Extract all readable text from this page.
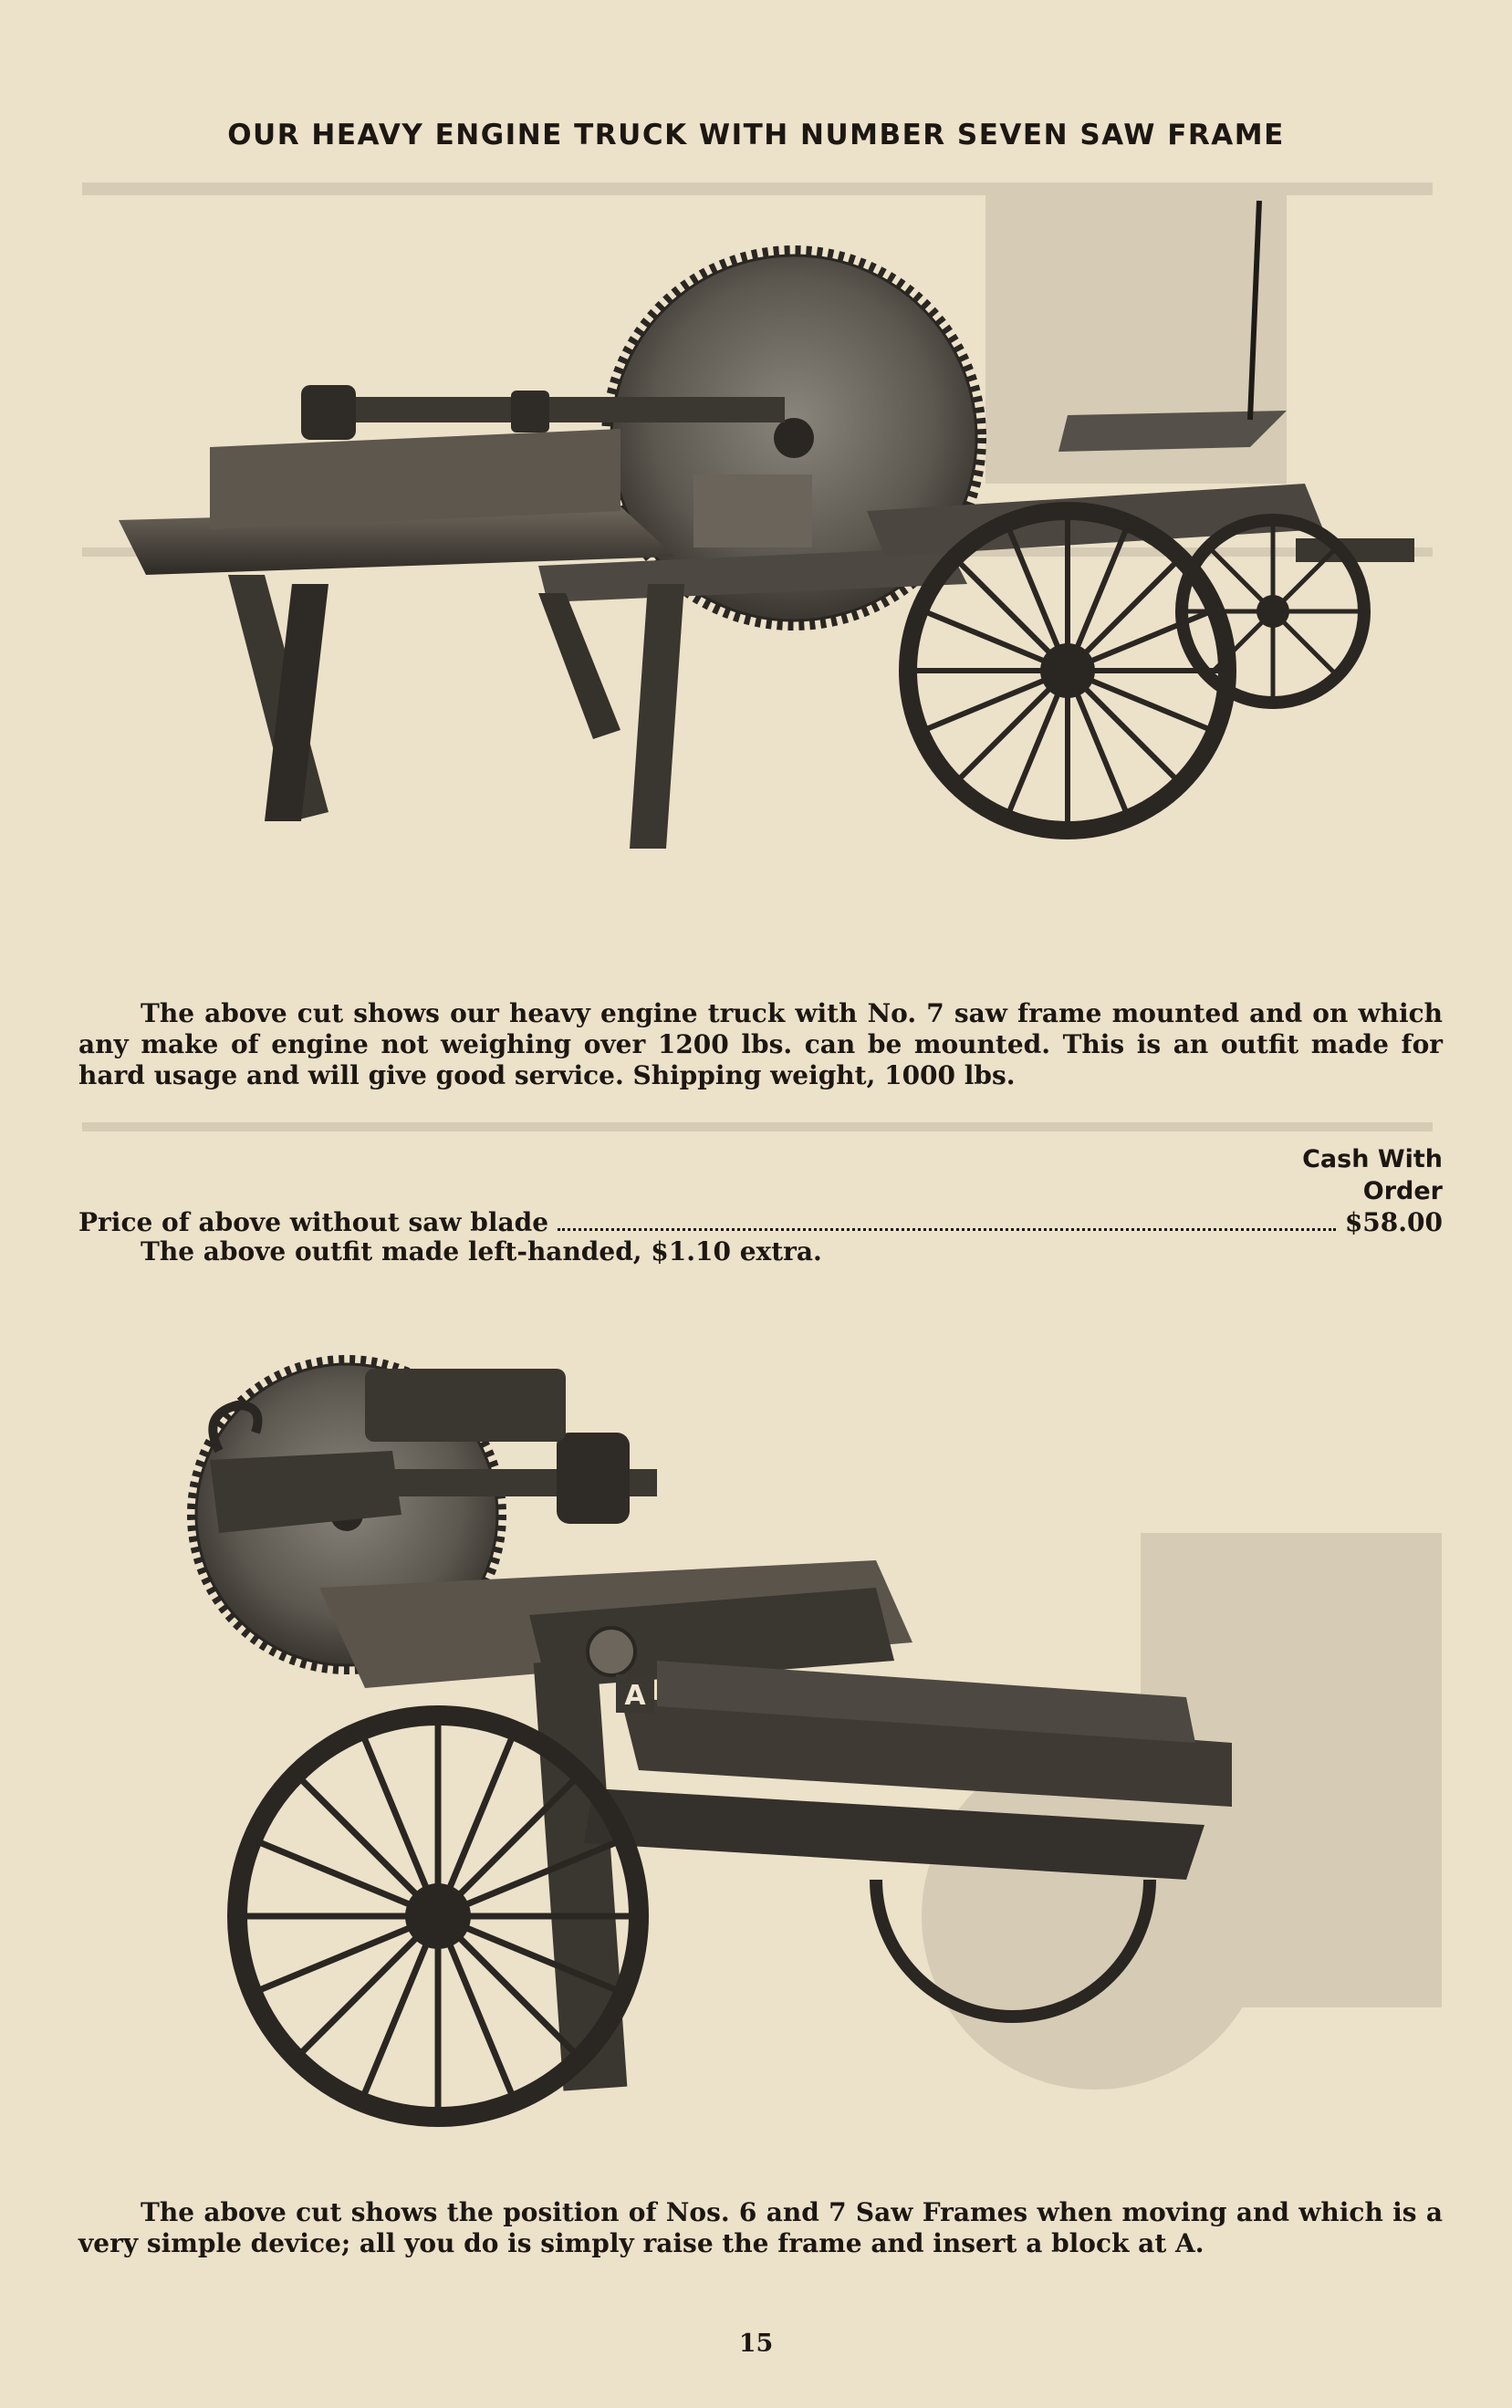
OUR HEAVY ENGINE TRUCK WITH NUMBER SEVEN SAW FRAME
The above cut shows our heavy engine truck with No. 7 saw frame mounted and on which any make of engine not weighing over 1200 lbs. can be mounted. This is an outfit made for hard usage and will give good service. Shipping weight, 1000 lbs.
Cash With
Order
Price of above without saw blade	$58.00
The above outfit made left-handed, $1.10 extra.
A
The above cut shows the position of Nos. 6 and 7 Saw Frames when moving and which is a very simple device; all you do is simply raise the frame and insert a block at A.
15
